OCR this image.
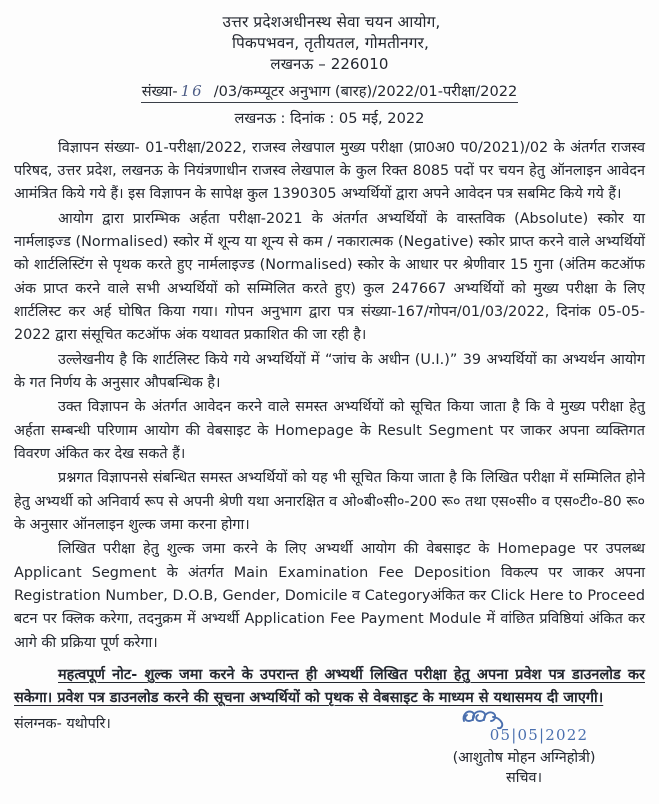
उत्तर प्रदेशअधीनस्थ सेवा चयन आयोग,
पिकपभवन, तृतीयतल, गोमतीनगर,
लखनऊ – 226010
संख्या- 16 /03/कम्प्यूटर अनुभाग (बारह)/2022/01-परीक्षा/2022
लखनऊ : दिनांक : 05 मई, 2022

विज्ञापन संख्या- 01-परीक्षा/2022, राजस्व लेखपाल मुख्य परीक्षा (प्रा0अ0 प0/2021)/02 के अंतर्गत राजस्व परिषद, उत्तर प्रदेश, लखनऊ के नियंत्रणाधीन राजस्व लेखपाल के कुल रिक्त 8085 पदों पर चयन हेतु ऑनलाइन आवेदन आमंत्रित किये गये हैं। इस विज्ञापन के सापेक्ष कुल 1390305 अभ्यर्थियों द्वारा अपने आवेदन पत्र सबमिट किये गये हैं।

आयोग द्वारा प्रारम्भिक अर्हता परीक्षा-2021 के अंतर्गत अभ्यर्थियों के वास्तविक (Absolute) स्कोर या नार्मलाइज्ड (Normalised) स्कोर में शून्य या शून्य से कम / नकारात्मक (Negative) स्कोर प्राप्त करने वाले अभ्यर्थियों को शार्टलिस्टिंग से पृथक करते हुए नार्मलाइज्ड (Normalised) स्कोर के आधार पर श्रेणीवार 15 गुना (अंतिम कटऑफ अंक प्राप्त करने वाले सभी अभ्यर्थियों को सम्मिलित करते हुए) कुल 247667 अभ्यर्थियों को मुख्य परीक्षा के लिए शार्टलिस्ट कर अर्ह घोषित किया गया। गोपन अनुभाग द्वारा पत्र संख्या-167/गोपन/01/03/2022, दिनांक 05-05-2022 द्वारा संसूचित कटऑफ अंक यथावत प्रकाशित की जा रही है।

उल्लेखनीय है कि शार्टलिस्ट किये गये अभ्यर्थियों में “जांच के अधीन (U.I.)” 39 अभ्यर्थियों का अभ्यर्थन आयोग के गत निर्णय के अनुसार औपबन्धिक है।

उक्त विज्ञापन के अंतर्गत आवेदन करने वाले समस्त अभ्यर्थियों को सूचित किया जाता है कि वे मुख्य परीक्षा हेतु अर्हता सम्बन्धी परिणाम आयोग की वेबसाइट के Homepage के Result Segment पर जाकर अपना व्यक्तिगत विवरण अंकित कर देख सकते हैं।

प्रश्नगत विज्ञापनसे संबन्धित समस्त अभ्यर्थियों को यह भी सूचित किया जाता है कि लिखित परीक्षा में सम्मिलित होने हेतु अभ्यर्थी को अनिवार्य रूप से अपनी श्रेणी यथा अनारक्षित व ओ०बी०सी०-200 रू० तथा एस०सी० व एस०टी०-80 रू० के अनुसार ऑनलाइन शुल्क जमा करना होगा।

लिखित परीक्षा हेतु शुल्क जमा करने के लिए अभ्यर्थी आयोग की वेबसाइट के Homepage पर उपलब्ध Applicant Segment के अंतर्गत Main Examination Fee Deposition विकल्प पर जाकर अपना Registration Number, D.O.B, Gender, Domicile व Categoryअंकित कर Click Here to Proceed बटन पर क्लिक करेगा, तदनुक्रम में अभ्यर्थी Application Fee Payment Module में वांछित प्रविष्ठियां अंकित कर आगे की प्रक्रिया पूर्ण करेगा।

महत्वपूर्ण नोट- शुल्क जमा करने के उपरान्त ही अभ्यर्थी लिखित परीक्षा हेतु अपना प्रवेश पत्र डाउनलोड कर सकेगा। प्रवेश पत्र डाउनलोड करने की सूचना अभ्यर्थियों को पृथक से वेबसाइट के माध्यम से यथासमय दी जाएगी।

संलग्नक- यथोपरि।

05|05|2022
(आशुतोष मोहन अग्निहोत्री)
सचिव।
